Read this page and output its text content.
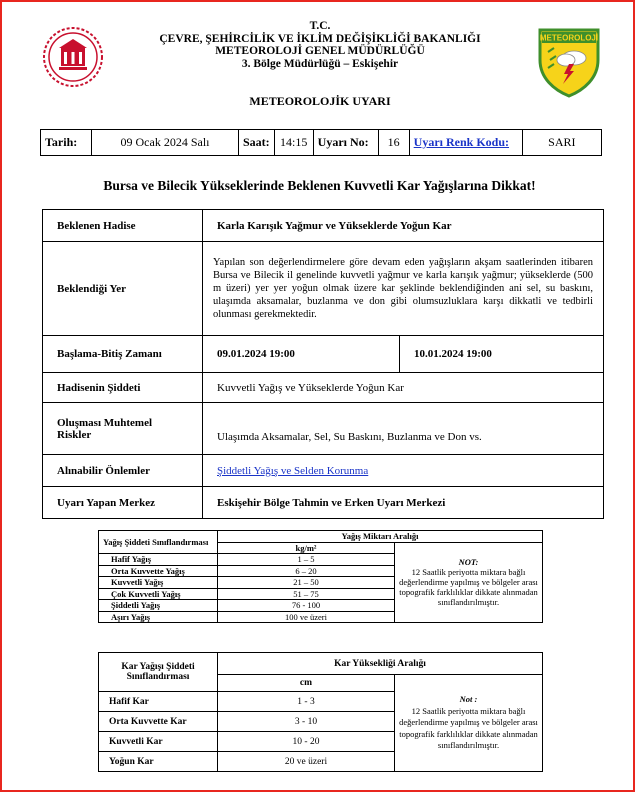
T.C.
ÇEVRE, ŞEHİRCİLİK VE İKLİM DEĞİŞİKLİĞİ BAKANLIĞI
METEOROLOJİ GENEL MÜDÜRLÜĞÜ
3. Bölge Müdürlüğü – Eskişehir
METEOROLOJİK UYARI
METEOROLOJİ
Tarih:	09 Ocak 2024 Salı	Saat:	14:15	Uyarı No:	16	Uyarı Renk Kodu:	SARI
Bursa ve Bilecik Yükseklerinde Beklenen Kuvvetli Kar Yağışlarına Dikkat!
Beklenen Hadise	Karla Karışık Yağmur ve Yükseklerde Yoğun Kar	
Beklendiği Yer	Yapılan son değerlendirmelere göre devam eden yağışların akşam saatlerinden itibaren Bursa ve Bilecik il genelinde kuvvetli yağmur ve karla karışık yağmur; yükseklerde (500 m üzeri) yer yer yoğun olmak üzere kar şeklinde beklendiğinden ani sel, su baskını, ulaşımda aksamalar, buzlanma ve don gibi olumsuzluklara karşı dikkatli ve tedbirli olunması gerekmektedir.	
Başlama-Bitiş Zamanı	09.01.2024 19:00	10.01.2024 19:00
Hadisenin Şiddeti	Kuvvetli Yağış ve Yükseklerde Yoğun Kar	
Oluşması Muhtemel Riskler	Ulaşımda Aksamalar, Sel, Su Baskını, Buzlanma ve Don vs.	
Alınabilir Önlemler	Şiddetli Yağış ve Selden Korunma	
Uyarı Yapan Merkez	Eskişehir Bölge Tahmin ve Erken Uyarı Merkezi	
Yağış Şiddeti Sınıflandırması	Yağış Miktarı Aralığı	
	kg/m²	NOT:
12 Saatlik periyotta miktara bağlı değerlendirme yapılmış ve bölgeler arası topografik farklılıklar dikkate alınmadan sınıflandırılmıştır.

Hafif Yağış	1 – 5	
Orta Kuvvette Yağış	6 – 20	
Kuvvetli Yağış	21 – 50	
Çok Kuvvetli Yağış	51 – 75	
Şiddetli Yağış	76 - 100	
Aşırı Yağış	100 ve üzeri	
Kar Yağışı Şiddeti Sınıflandırması	Kar Yüksekliği Aralığı	
	cm	Not :
12 Saatlik periyotta miktara bağlı değerlendirme yapılmış ve bölgeler arası topografik farklılıklar dikkate alınmadan sınıflandırılmıştır.

Hafif Kar	1 - 3	
Orta Kuvvette Kar	3 - 10	
Kuvvetli Kar	10 - 20	
Yoğun Kar	20 ve üzeri	
